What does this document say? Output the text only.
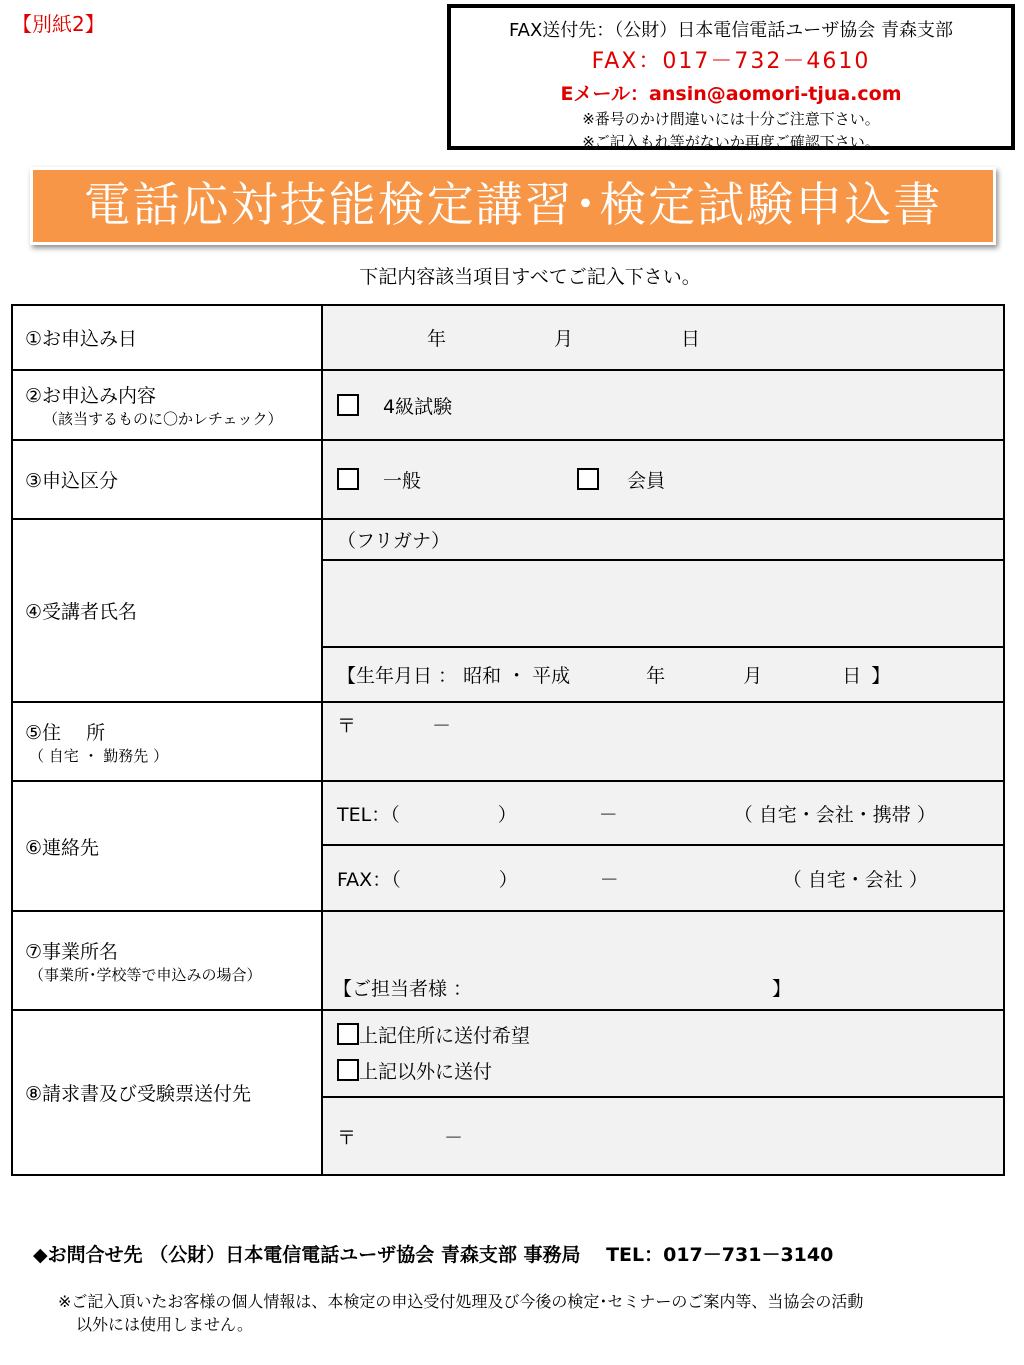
【別紙2】	FAX送付先：（公財）日本電信電話ユーザ協会 青森支部
FAX：017－732－4610
Eメール：ansin@aomori-tjua.com
※番号のかけ間違いには十分ご注意下さい。
※ご記入もれ等がないか再度ご確認下さい。
電話応対技能検定講習･検定試験申込書
下記内容該当項目すべてご記入下さい。
①お申込み日	年 月 日
②お申込み内容
（該当するものに〇かレチェック）	4級試験
③申込区分	一般 会員
④受講者氏名	（フリガナ）

	【生年月日 ： 昭和 ・ 平成 年 月 日 】
⑤住　 所
（ 自宅 ・ 勤務先 ）	〒 －
⑥連絡先	TEL：（ ） － （ 自宅・会社・携帯 ）
	FAX：（ ） － （ 自宅・会社 ）
⑦事業所名
（事業所･学校等で申込みの場合）	【ご担当者様 ： 】
⑧請求書及び受験票送付先	上記住所に送付希望
上記以外に送付

	〒 －
◆お問合せ先 （公財）日本電信電話ユーザ協会 青森支部 事務局　 TEL：017－731－3140
※ご記入頂いたお客様の個人情報は、本検定の申込受付処理及び今後の検定･セミナーのご案内等、当協会の活動
以外には使用しません。
